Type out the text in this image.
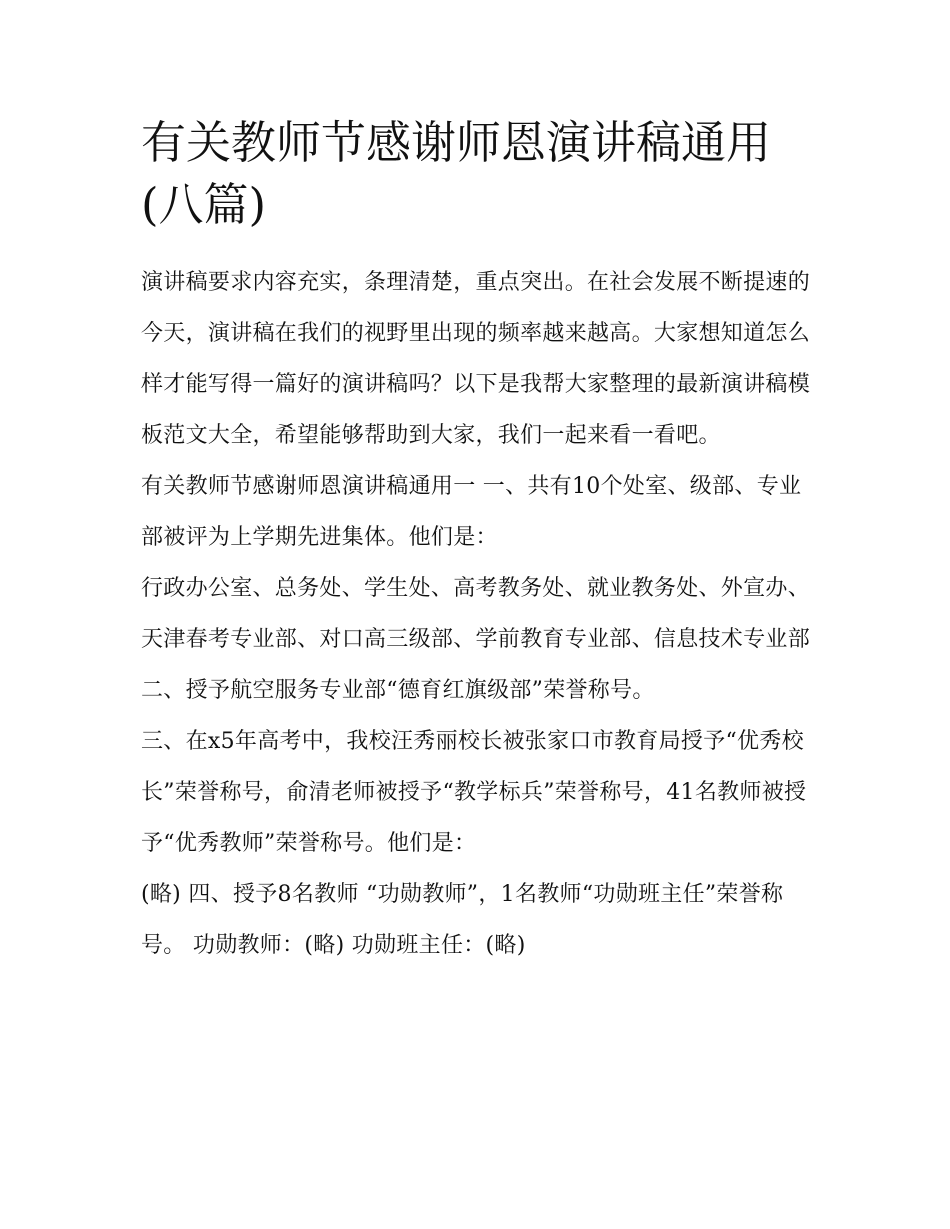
有关教师节感谢师恩演讲稿通用(八篇)

演讲稿要求内容充实，条理清楚，重点突出。在社会发展不断提速的今天，演讲稿在我们的视野里出现的频率越来越高。大家想知道怎么样才能写得一篇好的演讲稿吗？以下是我帮大家整理的最新演讲稿模板范文大全，希望能够帮助到大家，我们一起来看一看吧。

有关教师节感谢师恩演讲稿通用一 一、共有10个处室、级部、专业部被评为上学期先进集体。他们是：

行政办公室、总务处、学生处、高考教务处、就业教务处、外宣办、天津春考专业部、对口高三级部、学前教育专业部、信息技术专业部

二、授予航空服务专业部“德育红旗级部”荣誉称号。

三、在x5年高考中，我校汪秀丽校长被张家口市教育局授予“优秀校长”荣誉称号，俞清老师被授予“教学标兵”荣誉称号，41名教师被授予“优秀教师”荣誉称号。他们是：

(略) 四、授予8名教师 “功勋教师”，1名教师“功勋班主任”荣誉称号。 功勋教师：(略) 功勋班主任：(略)
